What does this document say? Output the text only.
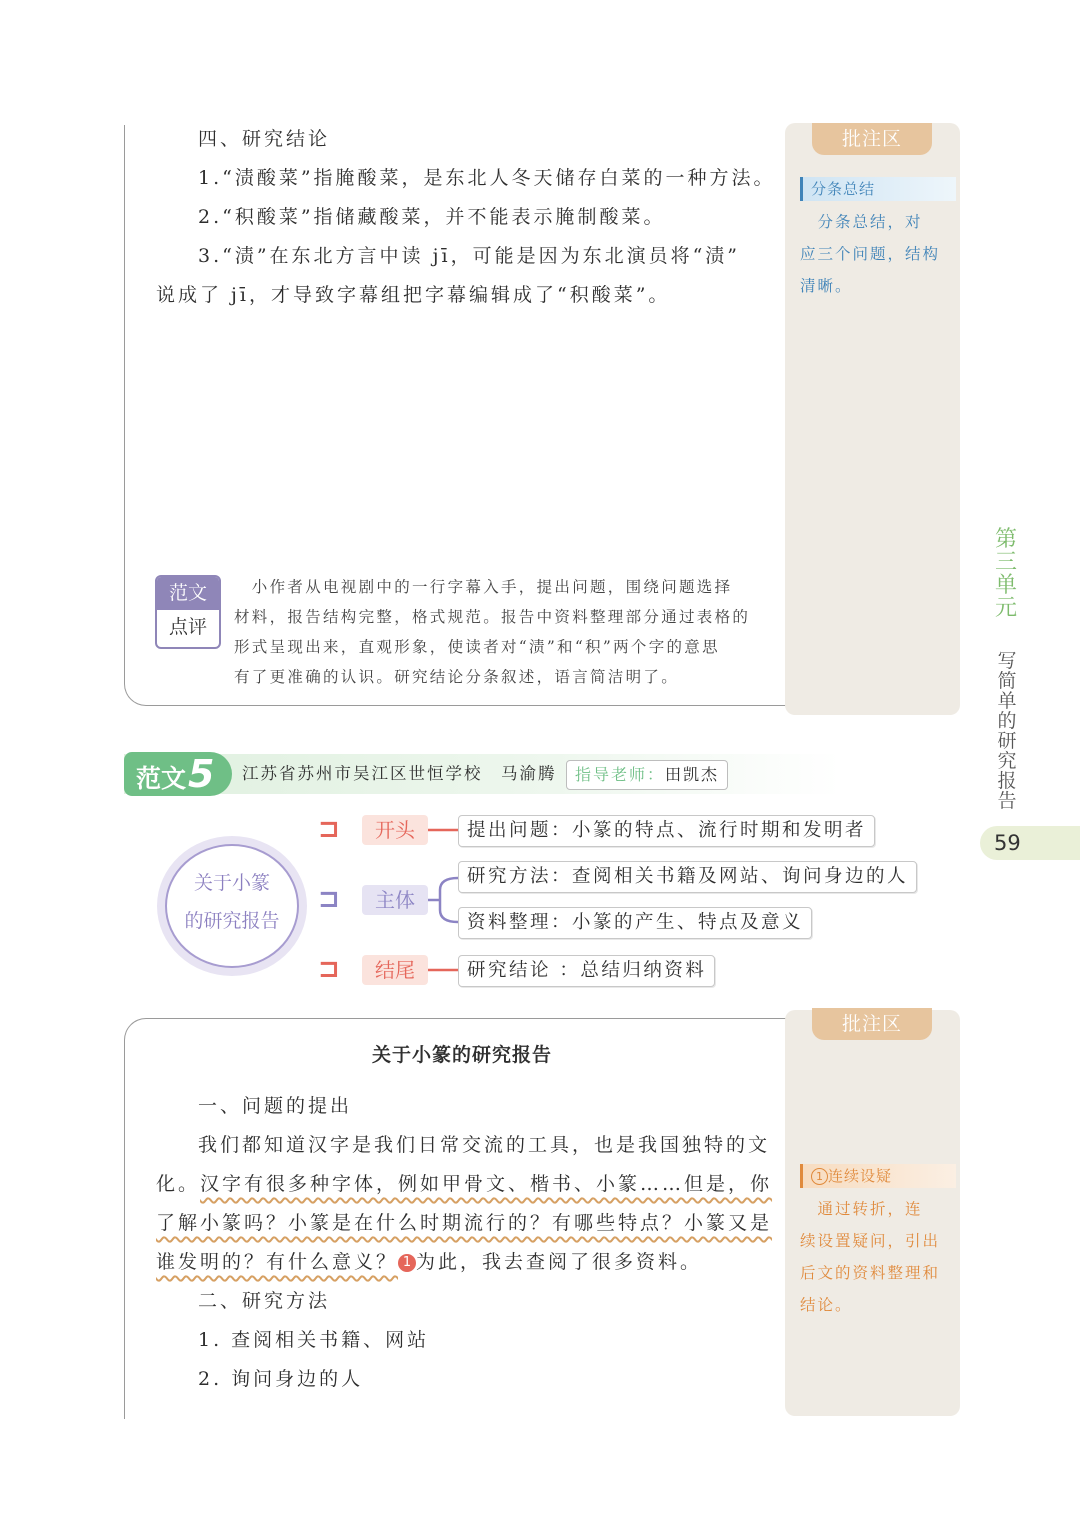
四、研究结论
1.“渍酸菜”指腌酸菜，是东北人冬天储存白菜的一种方法。
2.“积酸菜”指储藏酸菜，并不能表示腌制酸菜。
3.“渍”在东北方言中读 jī，可能是因为东北演员将“渍”
说成了 jī，才导致字幕组把字幕编辑成了“积酸菜”。
批注区
分条总结
　分条总结，对
应三个问题，结构
清晰。
范文
点评
　小作者从电视剧中的一行字幕入手，提出问题，围绕问题选择
材料，报告结构完整，格式规范。报告中资料整理部分通过表格的
形式呈现出来，直观形象，使读者对“渍”和“积”两个字的意思
有了更准确的认识。研究结论分条叙述，语言简洁明了。
第
三
单
元
写
简
单
的
研
究
报
告
59
范文5	江苏省苏州市吴江区世恒学校　马渝腾	指导老师：田凯杰
关于小篆
的研究报告
⊐
⊐
⊐
开头
主体
结尾
提出问题：小篆的特点、流行时期和发明者
研究方法：查阅相关书籍及网站、询问身边的人
资料整理：小篆的产生、特点及意义
研究结论 ：总结归纳资料
批注区
1 连续设疑
　通过转折，连
续设置疑问，引出
后文的资料整理和
结论。
关于小篆的研究报告
一、问题的提出
我们都知道汉字是我们日常交流的工具，也是我国独特的文
化。汉字有很多种字体，例如甲骨文、楷书、小篆……但是，你
了解小篆吗？小篆是在什么时期流行的？有哪些特点？小篆又是
谁发明的？有什么意义？ 1 为此，我去查阅了很多资料。
二、研究方法
1. 查阅相关书籍、网站
2. 询问身边的人
